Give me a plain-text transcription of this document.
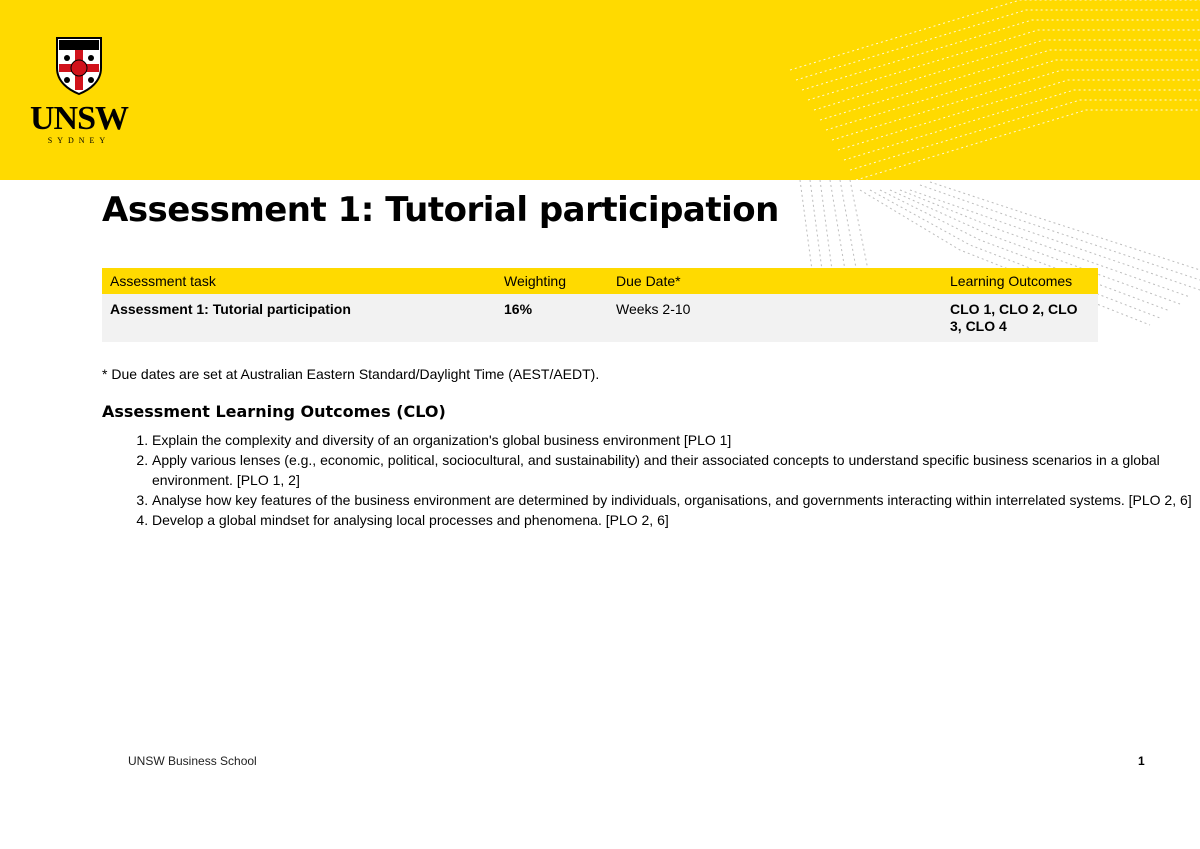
UNSW
SYDNEY
Assessment 1: Tutorial participation
Assessment task	Weighting	Due Date*	Learning Outcomes
Assessment 1: Tutorial participation	16%	Weeks 2-10	CLO 1, CLO 2, CLO 3, CLO 4
* Due dates are set at Australian Eastern Standard/Daylight Time (AEST/AEDT).
Assessment Learning Outcomes (CLO)
1. Explain the complexity and diversity of an organization's global business environment [PLO 1]
2. Apply various lenses (e.g., economic, political, sociocultural, and sustainability) and their associated concepts to understand specific business scenarios in a global environment. [PLO 1, 2]
3. Analyse how key features of the business environment are determined by individuals, organisations, and governments interacting within interrelated systems. [PLO 2, 6]
4. Develop a global mindset for analysing local processes and phenomena. [PLO 2, 6]
UNSW Business School	1
